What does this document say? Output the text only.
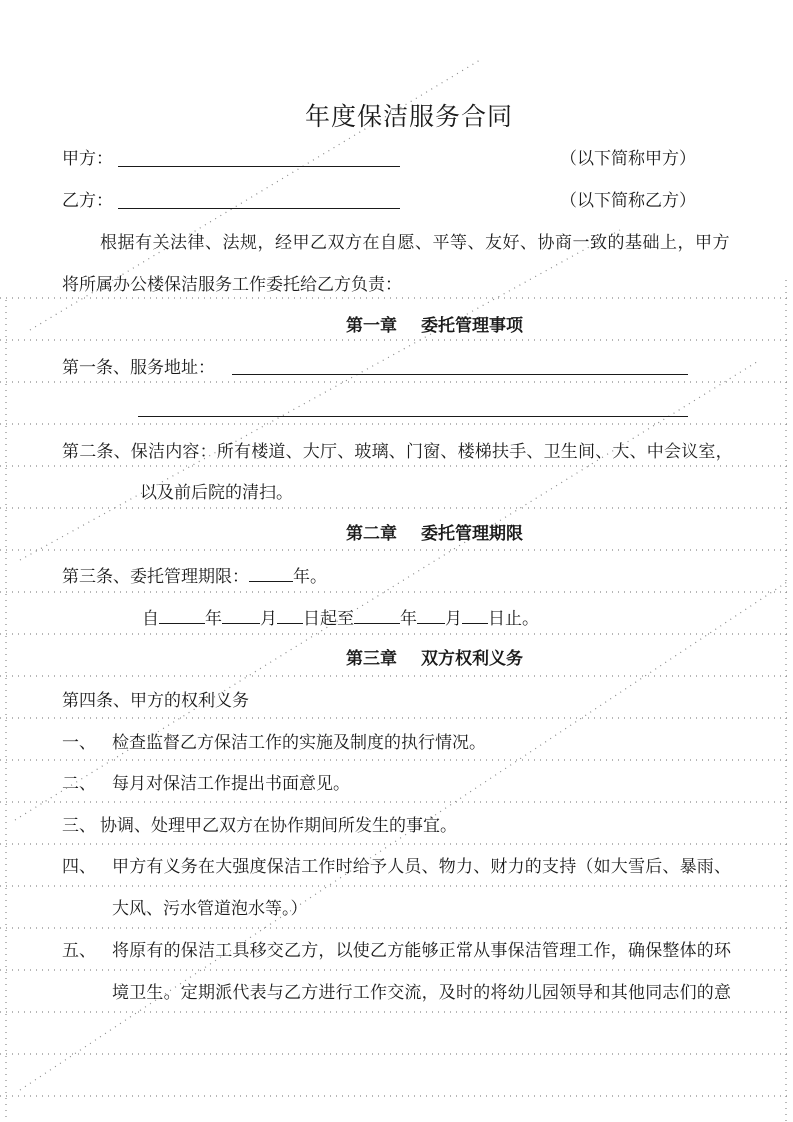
年度保洁服务合同
甲方：	（以下简称甲方）
乙方：	（以下简称乙方）
根据有关法律、法规，经甲乙双方在自愿、平等、友好、协商一致的基础上，甲方
将所属办公楼保洁服务工作委托给乙方负责：
第一章 委托管理事项
第一条、服务地址：
第二条、保洁内容：所有楼道、大厅、玻璃、门窗、楼梯扶手、卫生间、大、中会议室，
以及前后院的清扫。
第二章 委托管理期限
第三条、委托管理期限：	年。
自	年 月 日起至	年 月 日止。
第三章 双方权利义务
第四条、甲方的权利义务
一、 检查监督乙方保洁工作的实施及制度的执行情况。
二、 每月对保洁工作提出书面意见。
三、 协调、处理甲乙双方在协作期间所发生的事宜。
四、 甲方有义务在大强度保洁工作时给予人员、物力、财力的支持（如大雪后、暴雨、
大风、污水管道泡水等。）
五、 将原有的保洁工具移交乙方，以使乙方能够正常从事保洁管理工作，确保整体的环
境卫生。定期派代表与乙方进行工作交流，及时的将幼儿园领导和其他同志们的意
